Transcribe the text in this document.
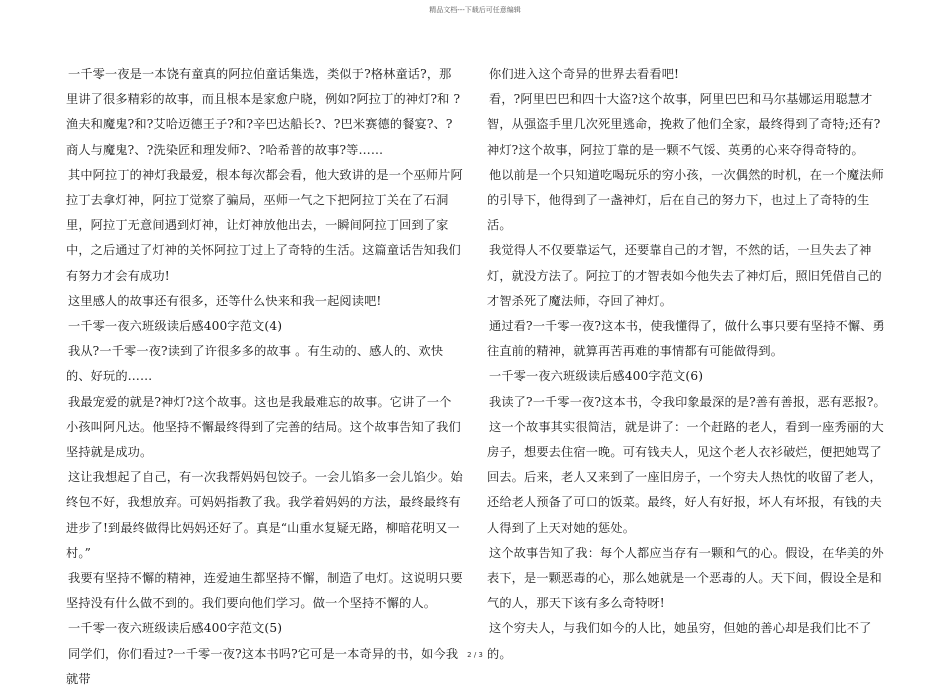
精品文档---下载后可任意编辑

一千零一夜是一本饶有童真的阿拉伯童话集选，类似于?格林童话?，那里讲了很多精彩的故事，而且根本是家愈户晓，例如?阿拉丁的神灯?和 ?渔夫和魔鬼?和?艾哈迈德王子?和?辛巴达船长?、?巴米赛德的餐宴?、?商人与魔鬼?、?洗染匠和理发师?、?哈希普的故事?等……

其中阿拉丁的神灯我最爱，根本每次都会看，他大致讲的是一个巫师片阿拉丁去拿灯神，阿拉丁觉察了骗局，巫师一气之下把阿拉丁关在了石洞里，阿拉丁无意间遇到灯神，让灯神放他出去，一瞬间阿拉丁回到了家中，之后通过了灯神的关怀阿拉丁过上了奇特的生活。这篇童话告知我们有努力才会有成功!

这里感人的故事还有很多，还等什么快来和我一起阅读吧!

一千零一夜六班级读后感400字范文(4)

我从?一千零一夜?读到了许很多多的故事 。有生动的、感人的、欢快的、好玩的……

我最宠爱的就是?神灯?这个故事。这也是我最难忘的故事。它讲了一个小孩叫阿凡达。他坚持不懈最终得到了完善的结局。这个故事告知了我们坚持就是成功。

这让我想起了自己，有一次我帮妈妈包饺子。一会儿馅多一会儿馅少。始终包不好，我想放弃。可妈妈指教了我。我学着妈妈的方法，最终最终有进步了!到最终做得比妈妈还好了。真是“山重水复疑无路，柳暗花明又一村。”

我要有坚持不懈的精神，连爱迪生都坚持不懈，制造了电灯。这说明只要坚持没有什么做不到的。我们要向他们学习。做一个坚持不懈的人。

一千零一夜六班级读后感400字范文(5)

同学们，你们看过?一千零一夜?这本书吗?它可是一本奇异的书，如今我就带

你们进入这个奇异的世界去看看吧!

看，?阿里巴巴和四十大盗?这个故事，阿里巴巴和马尔基娜运用聪慧才智，从强盗手里几次死里逃命，挽救了他们全家，最终得到了奇特;还有?神灯?这个故事，阿拉丁靠的是一颗不气馁、英勇的心来夺得奇特的。

他以前是一个只知道吃喝玩乐的穷小孩，一次偶然的时机，在一个魔法师的引导下，他得到了一盏神灯，后在自己的努力下，也过上了奇特的生活。

我觉得人不仅要靠运气，还要靠自己的才智，不然的话，一旦失去了神灯，就没方法了。阿拉丁的才智表如今他失去了神灯后，照旧凭借自己的才智杀死了魔法师，夺回了神灯。

通过看?一千零一夜?这本书，使我懂得了，做什么事只要有坚持不懈、勇往直前的精神，就算再苦再难的事情都有可能做得到。

一千零一夜六班级读后感400字范文(6)

我读了?一千零一夜?这本书，令我印象最深的是?善有善报，恶有恶报?。

这一个故事其实很简洁，就是讲了：一个赶路的老人，看到一座秀丽的大房子，想要去住宿一晚。可有钱夫人，见这个老人衣衫破烂，便把她骂了回去。后来，老人又来到了一座旧房子，一个穷夫人热忱的收留了老人，还给老人预备了可口的饭菜。最终，好人有好报，坏人有坏报，有钱的夫人得到了上天对她的惩处。

这个故事告知了我：每个人都应当存有一颗和气的心。假设，在华美的外表下，是一颗恶毒的心，那么她就是一个恶毒的人。天下间，假设全是和气的人，那天下该有多么奇特呀!

这个穷夫人，与我们如今的人比，她虽穷，但她的善心却是我们比不了的。

2 / 3
